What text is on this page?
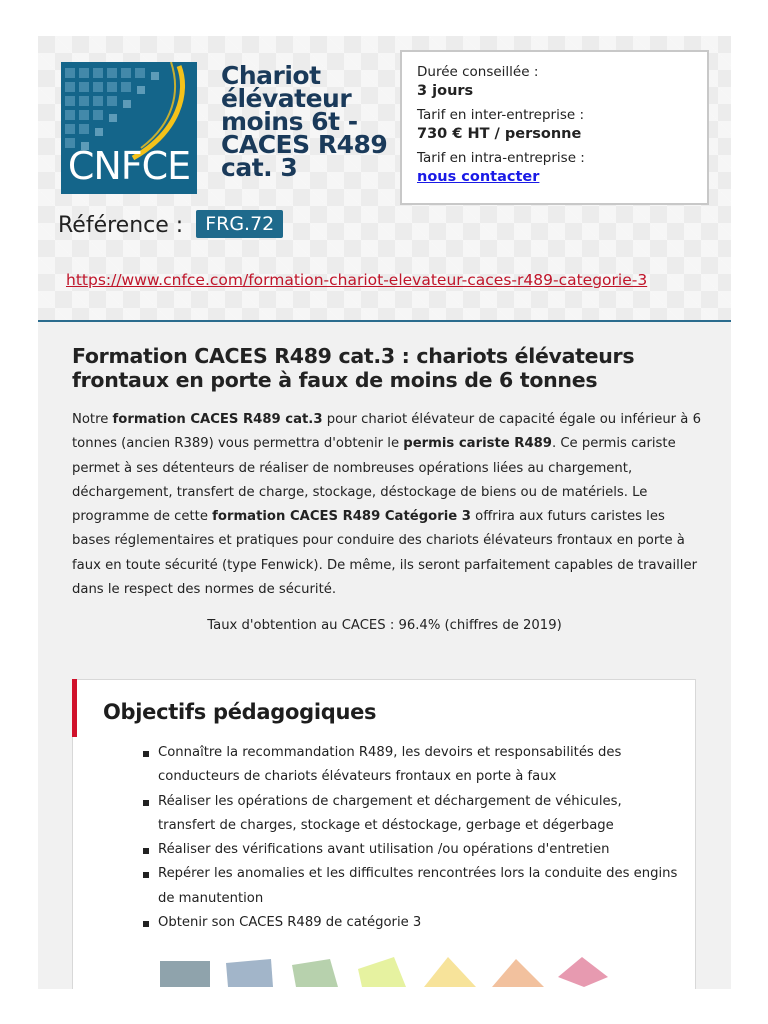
CNFCE
Chariot
élévateur
moins 6t -
CACES R489
cat. 3
Durée conseillée :
3 jours
Tarif en inter-entreprise :
730 € HT / personne
Tarif en intra-entreprise :
nous contacter
Référence : FRG.72
https://www.cnfce.com/formation-chariot-elevateur-caces-r489-categorie-3
Formation CACES R489 cat.3 : chariots élévateurs frontaux en porte à faux de moins de 6 tonnes
Notre formation CACES R489 cat.3 pour chariot élévateur de capacité égale ou inférieur à 6 tonnes (ancien R389) vous permettra d'obtenir le permis cariste R489. Ce permis cariste permet à ses détenteurs de réaliser de nombreuses opérations liées au chargement, déchargement, transfert de charge, stockage, déstockage de biens ou de matériels. Le programme de cette formation CACES R489 Catégorie 3 offrira aux futurs caristes les bases réglementaires et pratiques pour conduire des chariots élévateurs frontaux en porte à faux en toute sécurité (type Fenwick). De même, ils seront parfaitement capables de travailler dans le respect des normes de sécurité.
Taux d'obtention au CACES : 96.4% (chiffres de 2019)
Objectifs pédagogiques
Connaître la recommandation R489, les devoirs et responsabilités des conducteurs de chariots élévateurs frontaux en porte à faux
Réaliser les opérations de chargement et déchargement de véhicules, transfert de charges, stockage et déstockage, gerbage et dégerbage
Réaliser des vérifications avant utilisation /ou opérations d'entretien
Repérer les anomalies et les difficultes rencontrées lors la conduite des engins de manutention
Obtenir son CACES R489 de catégorie 3
